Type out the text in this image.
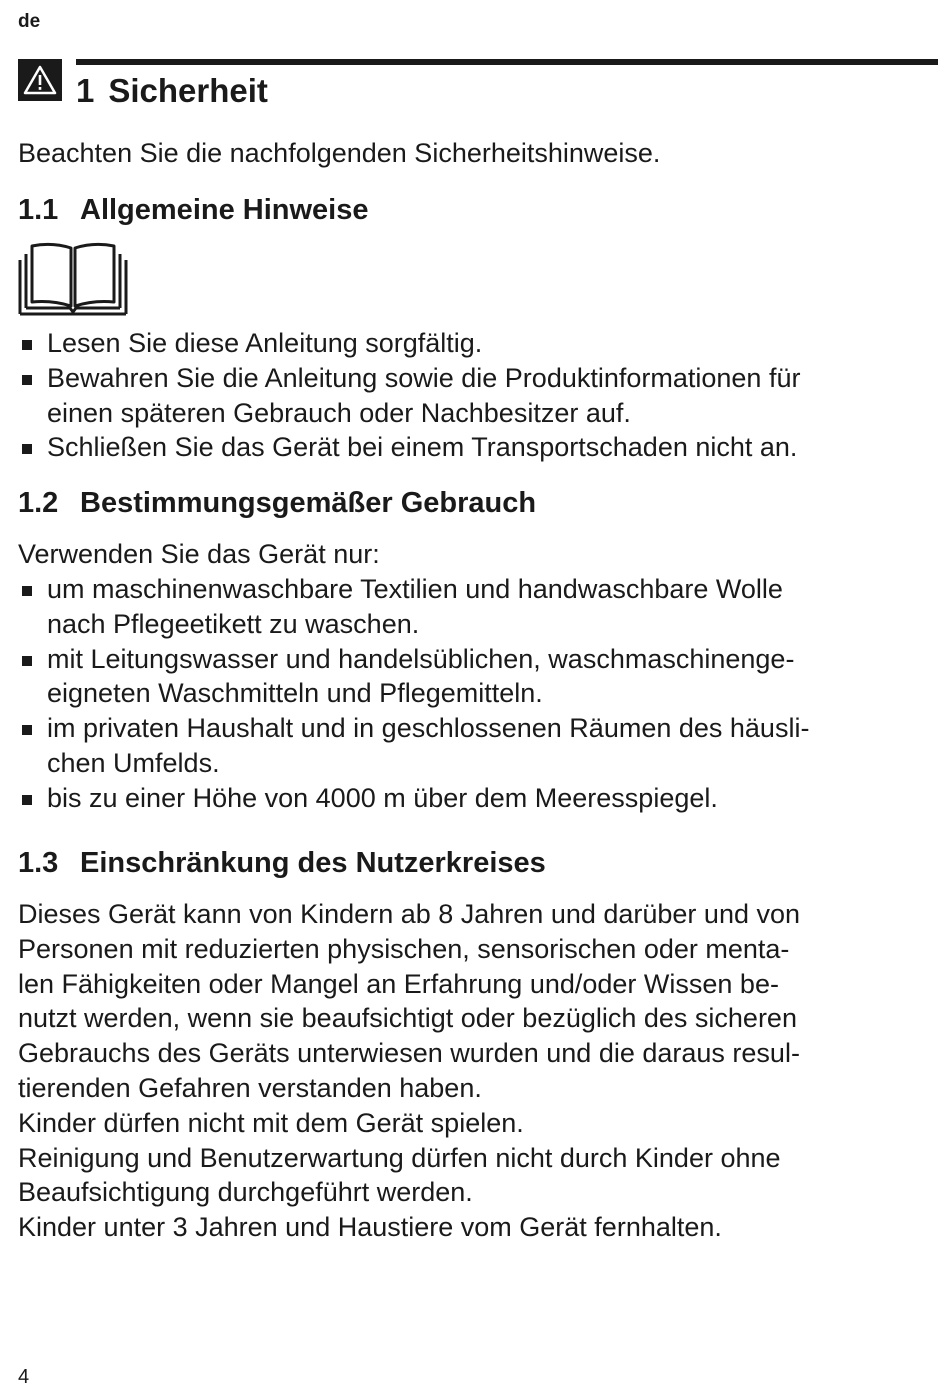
de
1 Sicherheit
Beachten Sie die nachfolgenden Sicherheitshinweise.
1.1 Allgemeine Hinweise
Lesen Sie diese Anleitung sorgfältig.
Bewahren Sie die Anleitung sowie die Produktinformationen für
einen späteren Gebrauch oder Nachbesitzer auf.
Schließen Sie das Gerät bei einem Transportschaden nicht an.
1.2 Bestimmungsgemäßer Gebrauch
Verwenden Sie das Gerät nur:
um maschinenwaschbare Textilien und handwaschbare Wolle
nach Pflegeetikett zu waschen.
mit Leitungswasser und handelsüblichen, waschmaschinenge-
eigneten Waschmitteln und Pflegemitteln.
im privaten Haushalt und in geschlossenen Räumen des häusli-
chen Umfelds.
bis zu einer Höhe von 4000 m über dem Meeresspiegel.
1.3 Einschränkung des Nutzerkreises
Dieses Gerät kann von Kindern ab 8 Jahren und darüber und von
Personen mit reduzierten physischen, sensorischen oder menta-
len Fähigkeiten oder Mangel an Erfahrung und/oder Wissen be-
nutzt werden, wenn sie beaufsichtigt oder bezüglich des sicheren
Gebrauchs des Geräts unterwiesen wurden und die daraus resul-
tierenden Gefahren verstanden haben.
Kinder dürfen nicht mit dem Gerät spielen.
Reinigung und Benutzerwartung dürfen nicht durch Kinder ohne
Beaufsichtigung durchgeführt werden.
Kinder unter 3 Jahren und Haustiere vom Gerät fernhalten.
4
